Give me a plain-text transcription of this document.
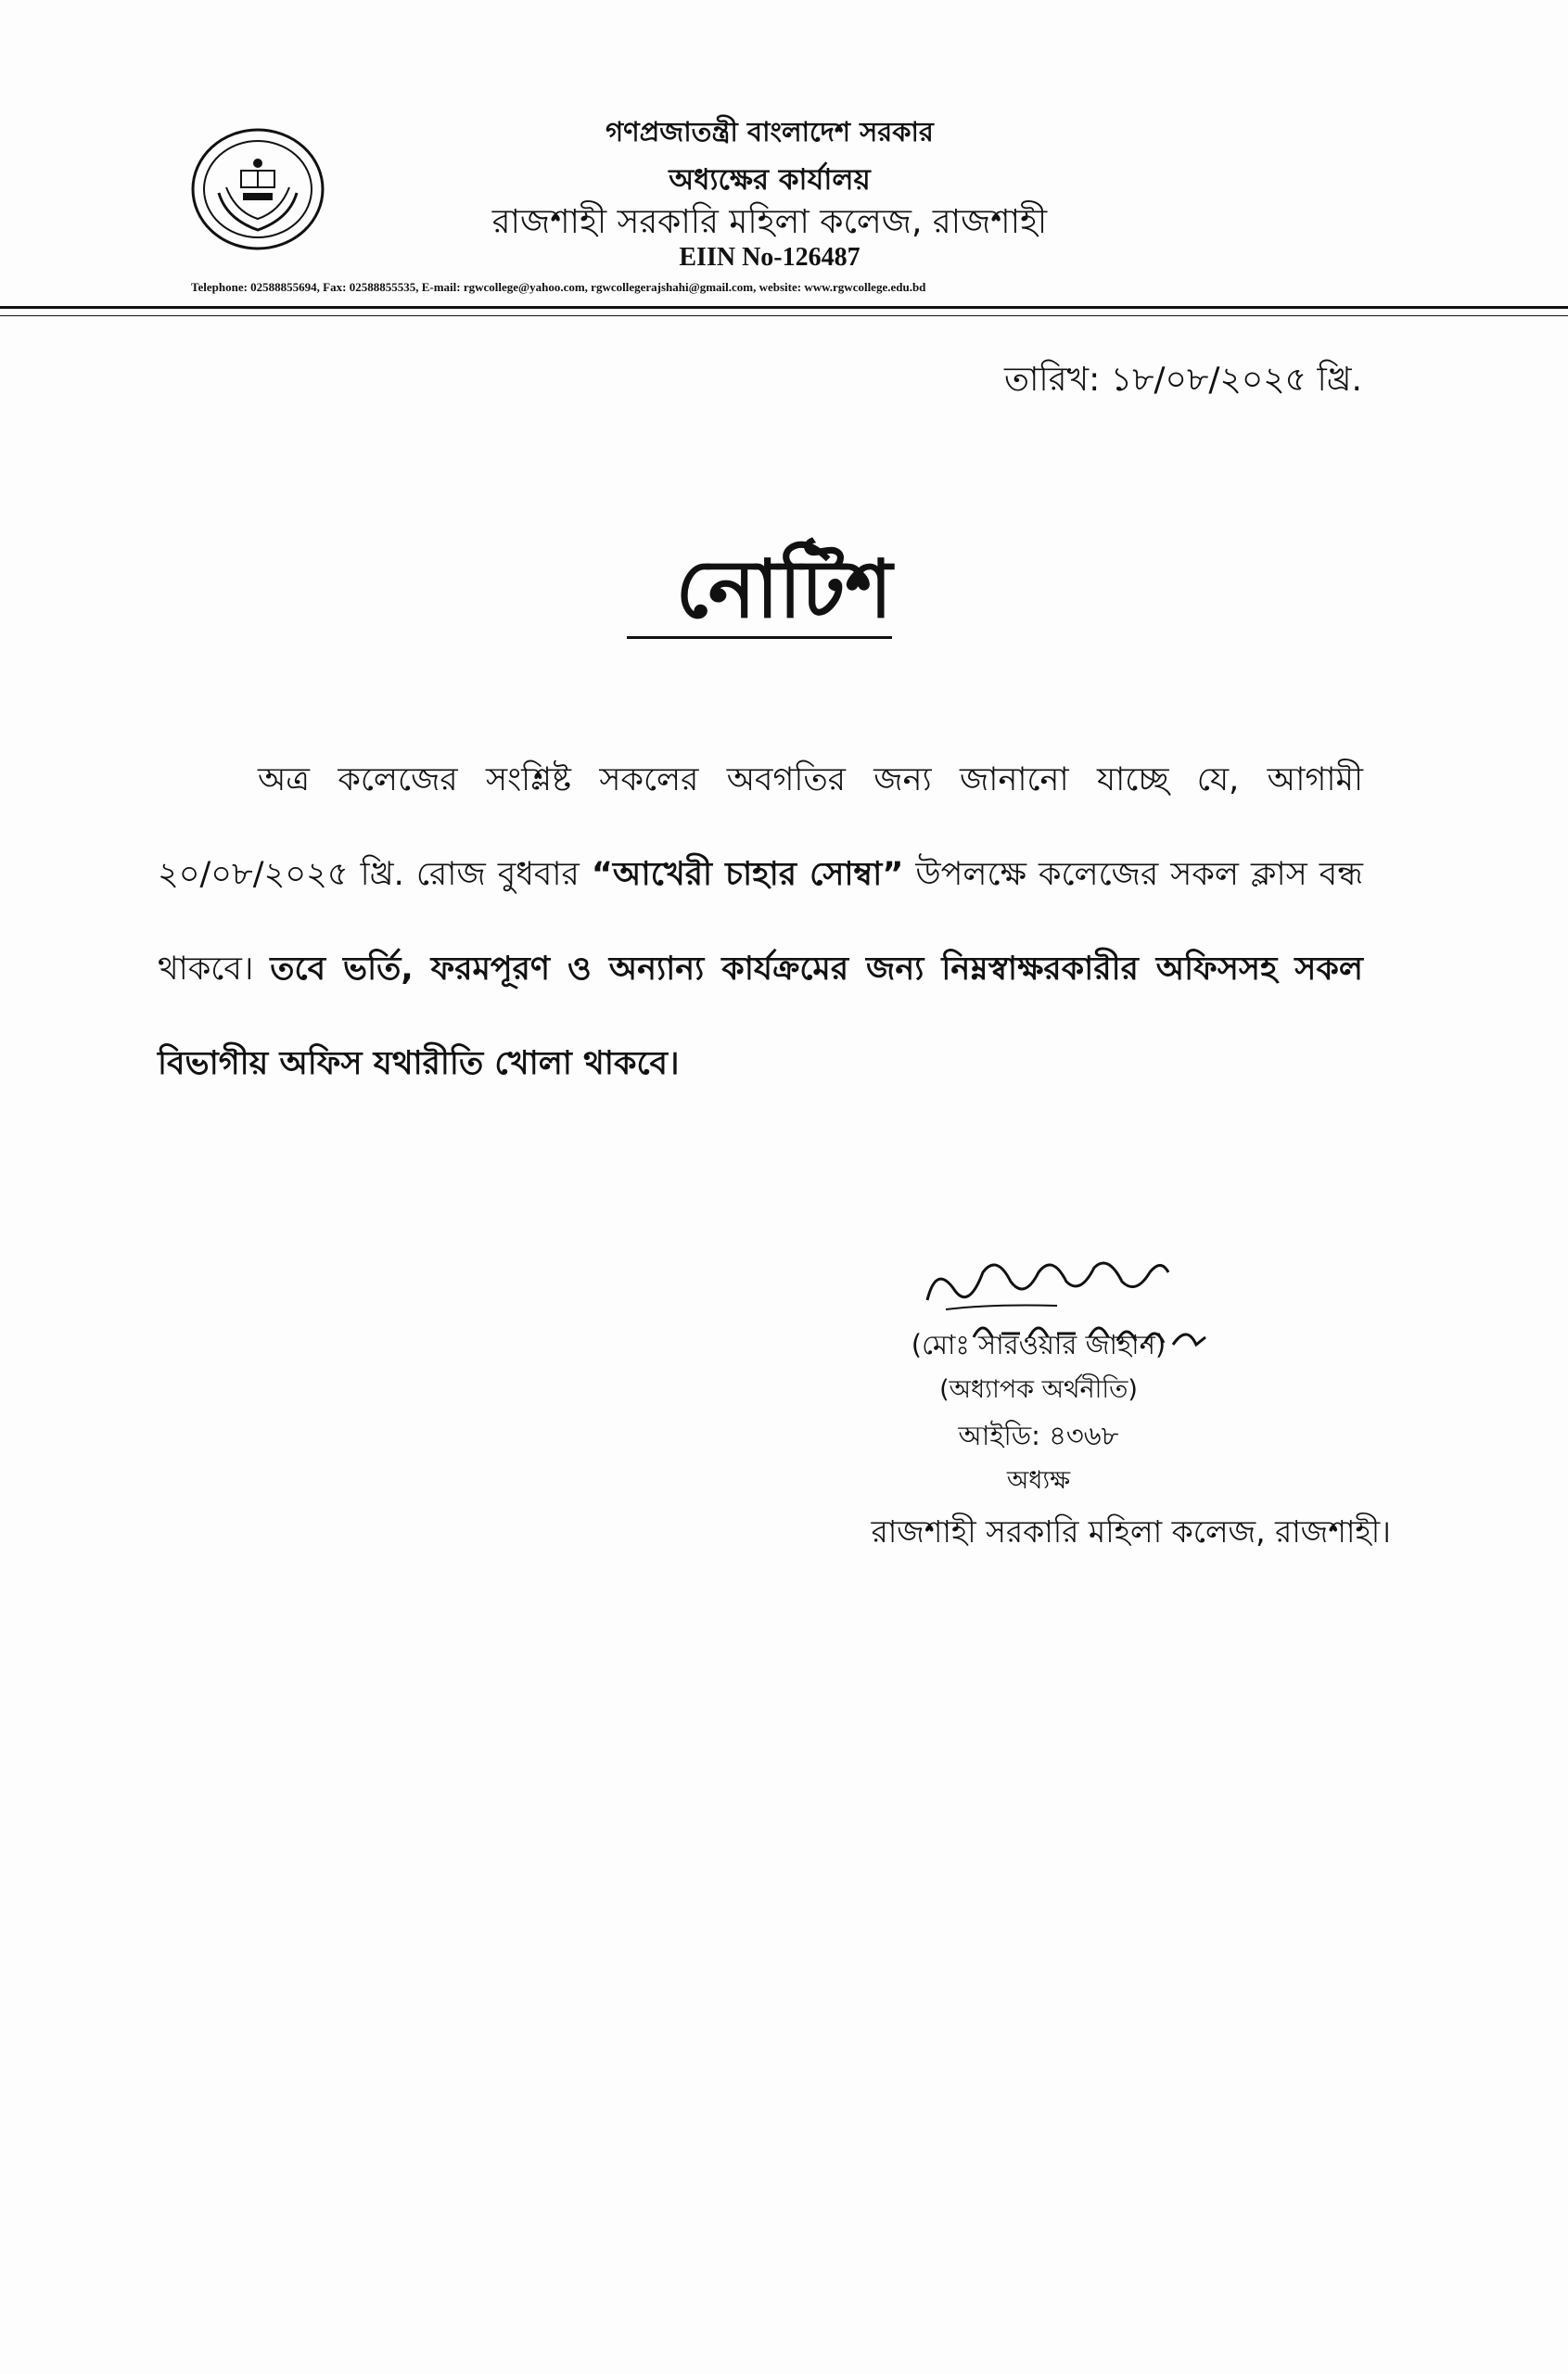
গণপ্রজাতন্ত্রী বাংলাদেশ সরকার
অধ্যক্ষের কার্যালয়
রাজশাহী সরকারি মহিলা কলেজ, রাজশাহী
EIIN No-126487
Telephone: 02588855694, Fax: 02588855535, E-mail: rgwcollege@yahoo.com, rgwcollegerajshahi@gmail.com, website: www.rgwcollege.edu.bd
তারিখ: ১৮/০৮/২০২৫ খ্রি.
নোটিশ
অত্র কলেজের সংশ্লিষ্ট সকলের অবগতির জন্য জানানো যাচ্ছে যে, আগামী ২০/০৮/২০২৫ খ্রি. রোজ বুধবার “আখেরী চাহার সোম্বা” উপলক্ষে কলেজের সকল ক্লাস বন্ধ থাকবে। তবে ভর্তি, ফরমপূরণ ও অন্যান্য কার্যক্রমের জন্য নিম্নস্বাক্ষরকারীর অফিসসহ সকল বিভাগীয় অফিস যথারীতি খোলা থাকবে।
(মোঃ সারওয়ার জাহান)
(অধ্যাপক অর্থনীতি)
আইডি: ৪৩৬৮
অধ্যক্ষ
রাজশাহী সরকারি মহিলা কলেজ, রাজশাহী।
